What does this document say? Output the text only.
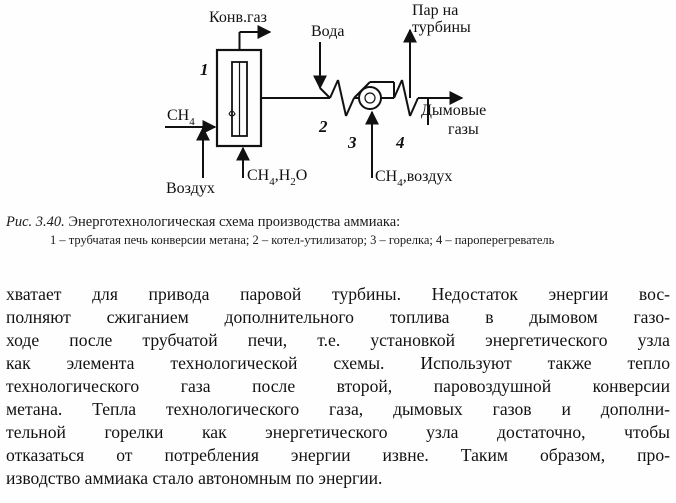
Конв.газ
Вода
Пар на
турбины
Дымовые
газы
$CH_4$
Воздух
$CH_4,H_2O$	$CH_4,воздух$
1
2
3 4
Рис. 3.40. Энерготехнологическая схема производства аммиака:

1 – трубчатая печь конверсии метана; 2 – котел-утилизатор; 3 – горелка; 4 – пароперегреватель

хватает для привода паровой турбины. Недостаток энергии вос-

полняют сжиганием дополнительного топлива в дымовом газо-

ходе после трубчатой печи, т.е. установкой энергетического узла

как элемента технологической схемы. Используют также тепло

технологического газа после второй, паровоздушной конверсии

метана. Тепла технологического газа, дымовых газов и дополни-

тельной горелки как энергетического узла достаточно, чтобы

отказаться от потребления энергии извне. Таким образом, про-

изводство аммиака стало автономным по энергии.
